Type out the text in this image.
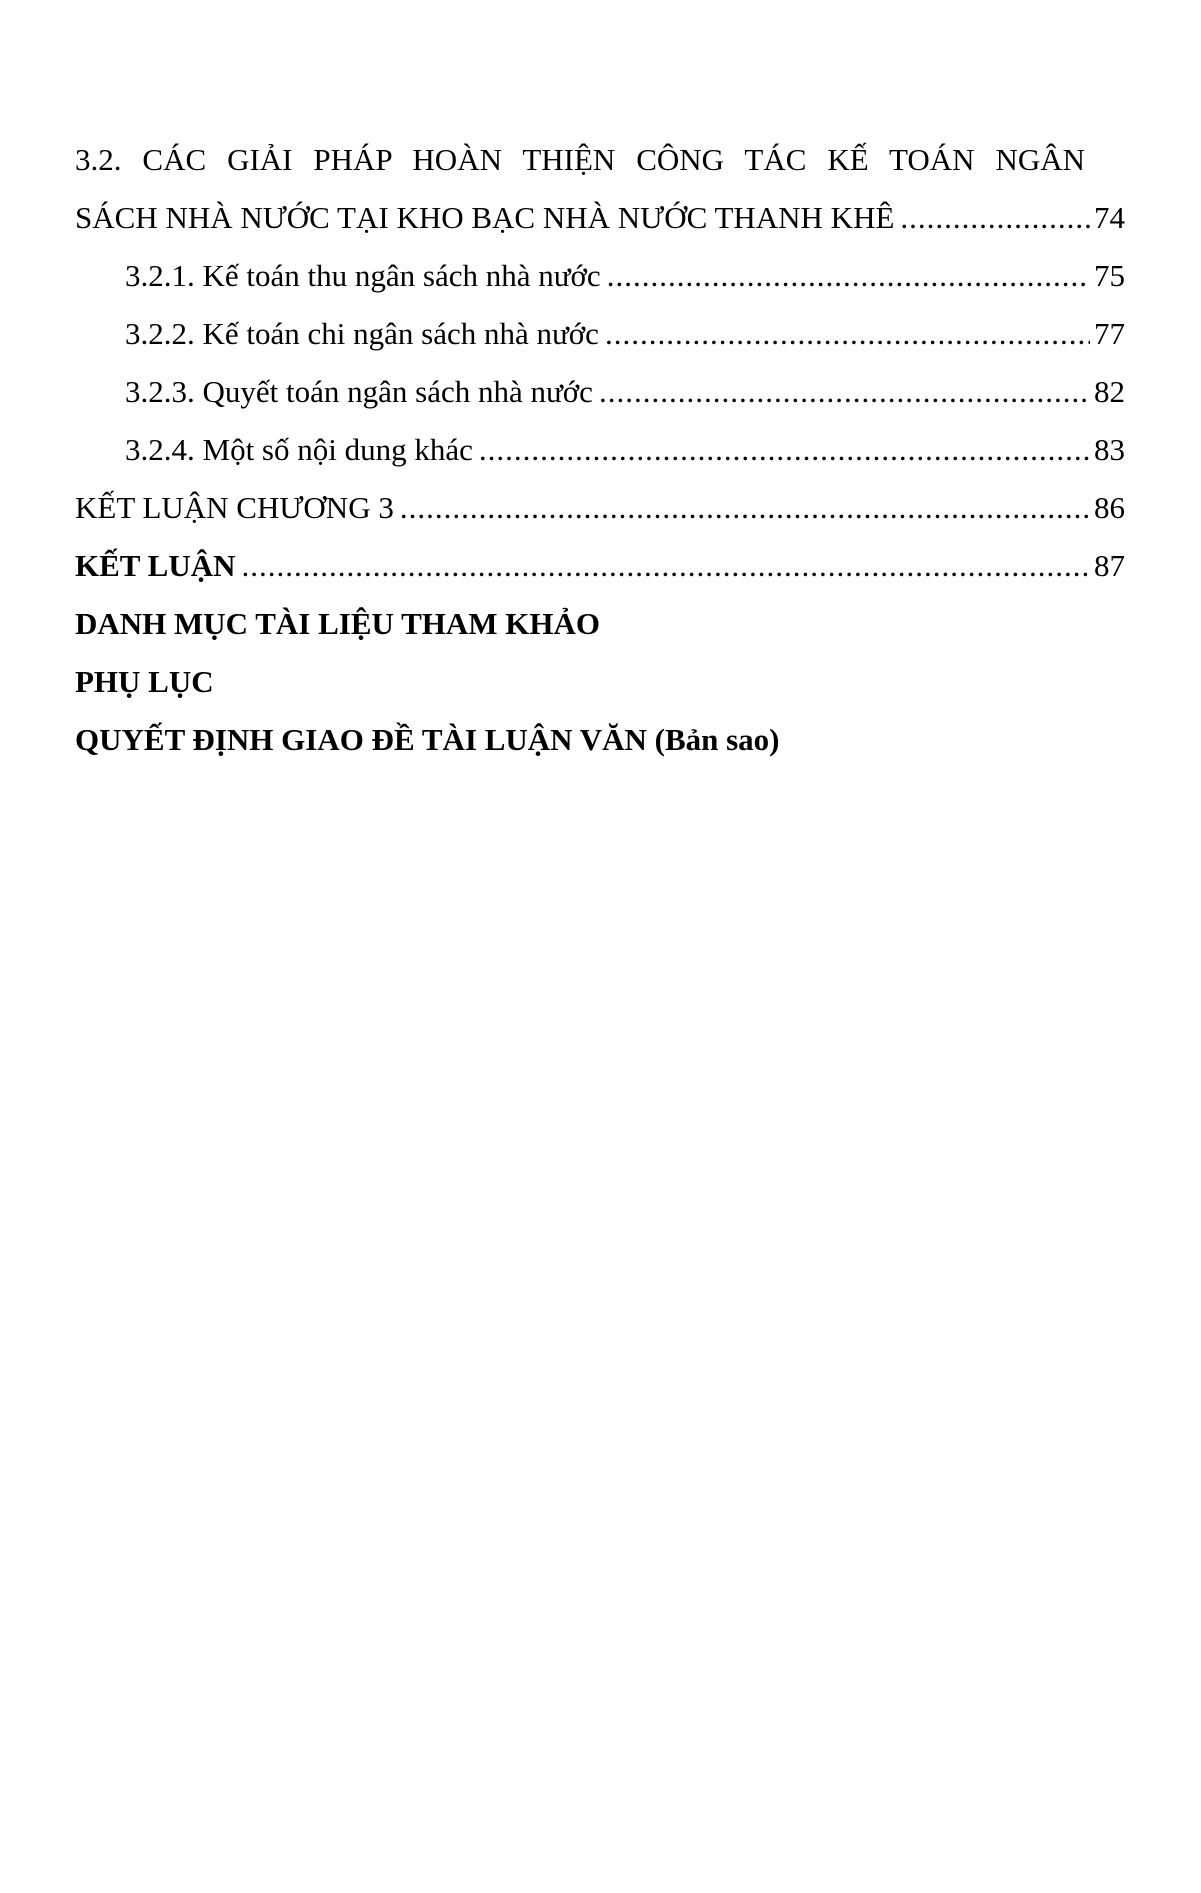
3.2. CÁC GIẢI PHÁP HOÀN THIỆN CÔNG TÁC KẾ TOÁN NGÂN
SÁCH NHÀ NƯỚC TẠI KHO BẠC NHÀ NƯỚC THANH KHÊ .....	74
3.2.1. Kế toán thu ngân sách nhà nước .....	75
3.2.2. Kế toán chi ngân sách nhà nước .....	77
3.2.3. Quyết toán ngân sách nhà nước .....	82
3.2.4. Một số nội dung khác .....	83
KẾT LUẬN CHƯƠNG 3 .....	86
KẾT LUẬN .....	87
DANH MỤC TÀI LIỆU THAM KHẢO
PHỤ LỤC
QUYẾT ĐỊNH GIAO ĐỀ TÀI LUẬN VĂN (Bản sao)
